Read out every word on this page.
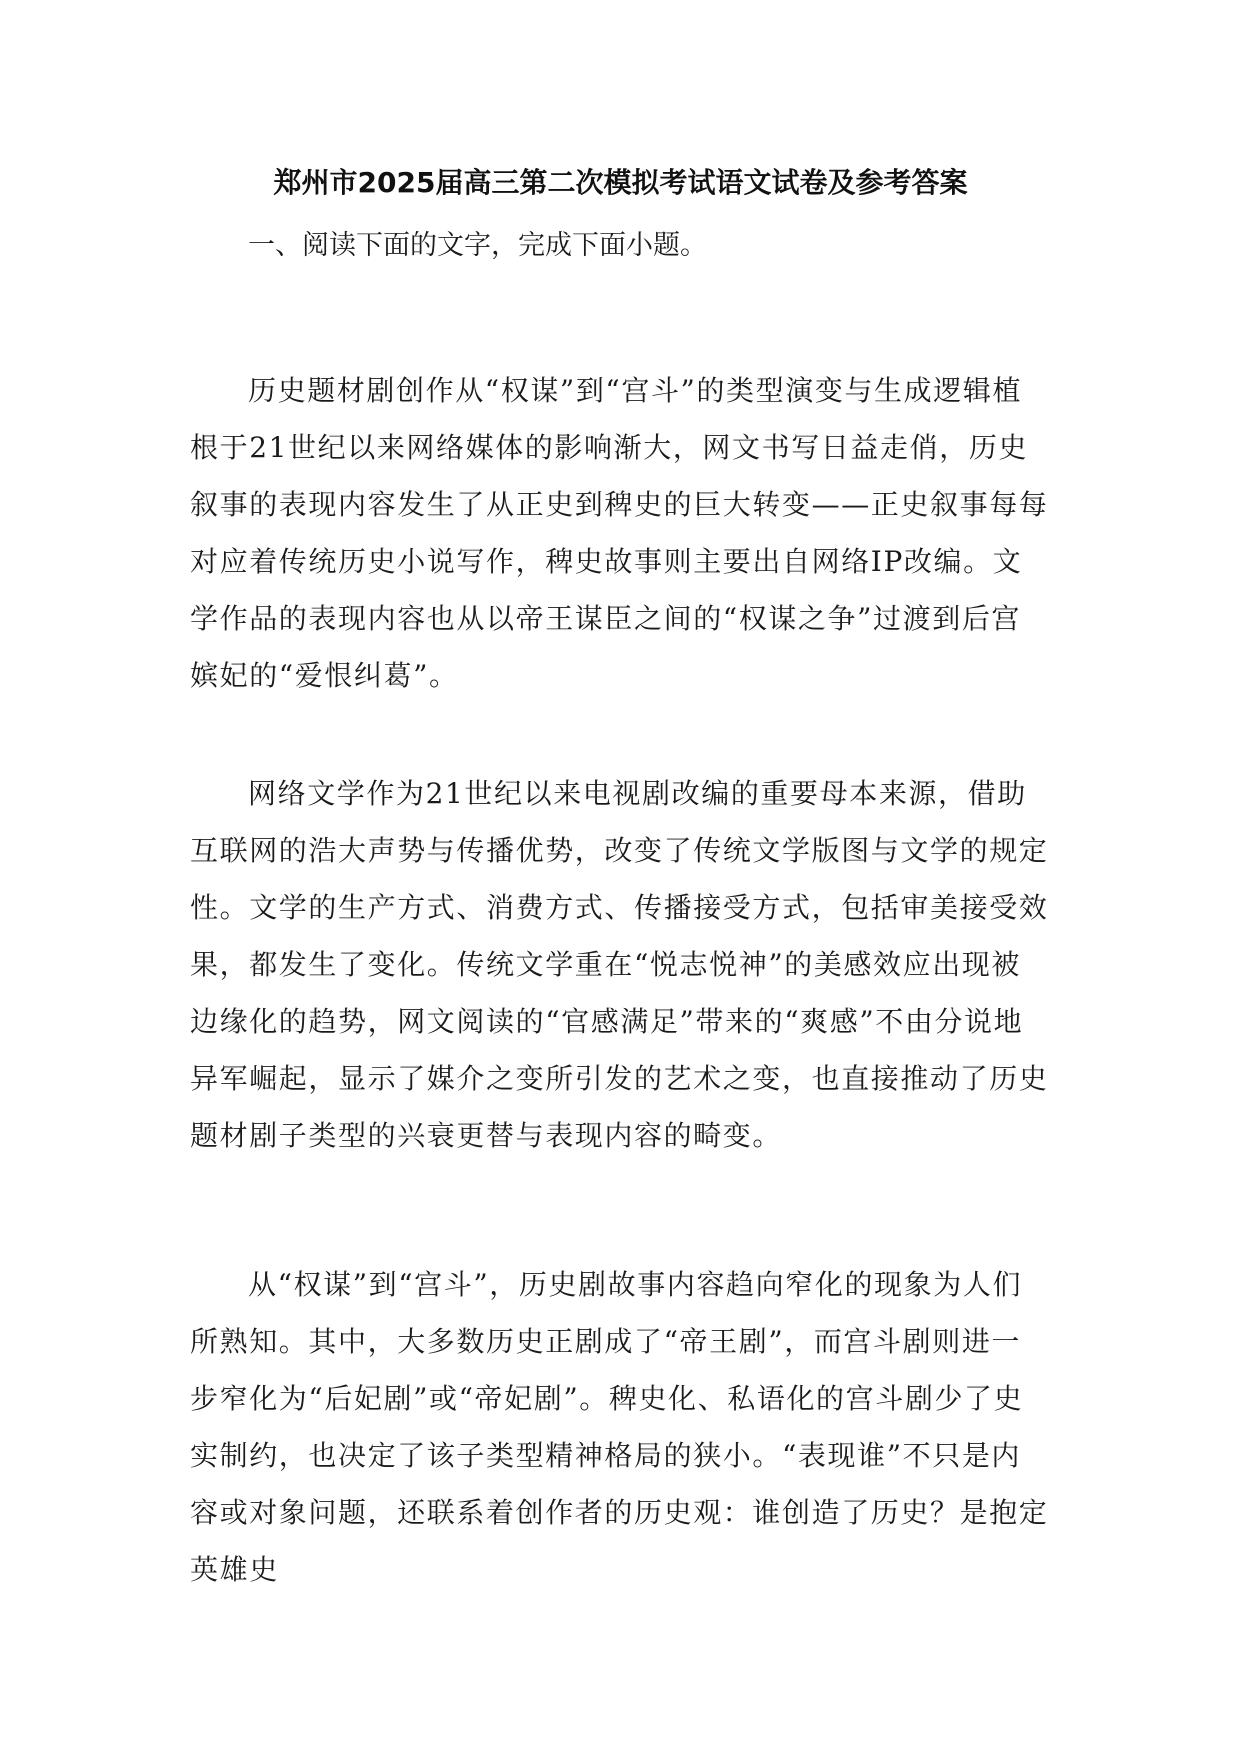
郑州市2025届高三第二次模拟考试语文试卷及参考答案
一、阅读下面的文字，完成下面小题。

历史题材剧创作从“权谋”到“宫斗”的类型演变与生成逻辑植根于21世纪以来网络媒体的影响渐大，网文书写日益走俏，历史叙事的表现内容发生了从正史到稗史的巨大转变——正史叙事每每对应着传统历史小说写作，稗史故事则主要出自网络IP改编。文学作品的表现内容也从以帝王谋臣之间的“权谋之争”过渡到后宫嫔妃的“爱恨纠葛”。

网络文学作为21世纪以来电视剧改编的重要母本来源，借助互联网的浩大声势与传播优势，改变了传统文学版图与文学的规定性。文学的生产方式、消费方式、传播接受方式，包括审美接受效果，都发生了变化。传统文学重在“悦志悦神”的美感效应出现被边缘化的趋势，网文阅读的“官感满足”带来的“爽感”不由分说地异军崛起，显示了媒介之变所引发的艺术之变，也直接推动了历史题材剧子类型的兴衰更替与表现内容的畸变。

从“权谋”到“宫斗”，历史剧故事内容趋向窄化的现象为人们所熟知。其中，大多数历史正剧成了“帝王剧”，而宫斗剧则进一步窄化为“后妃剧”或“帝妃剧”。稗史化、私语化的宫斗剧少了史实制约，也决定了该子类型精神格局的狭小。“表现谁”不只是内容或对象问题，还联系着创作者的历史观：谁创造了历史？是抱定英雄史
